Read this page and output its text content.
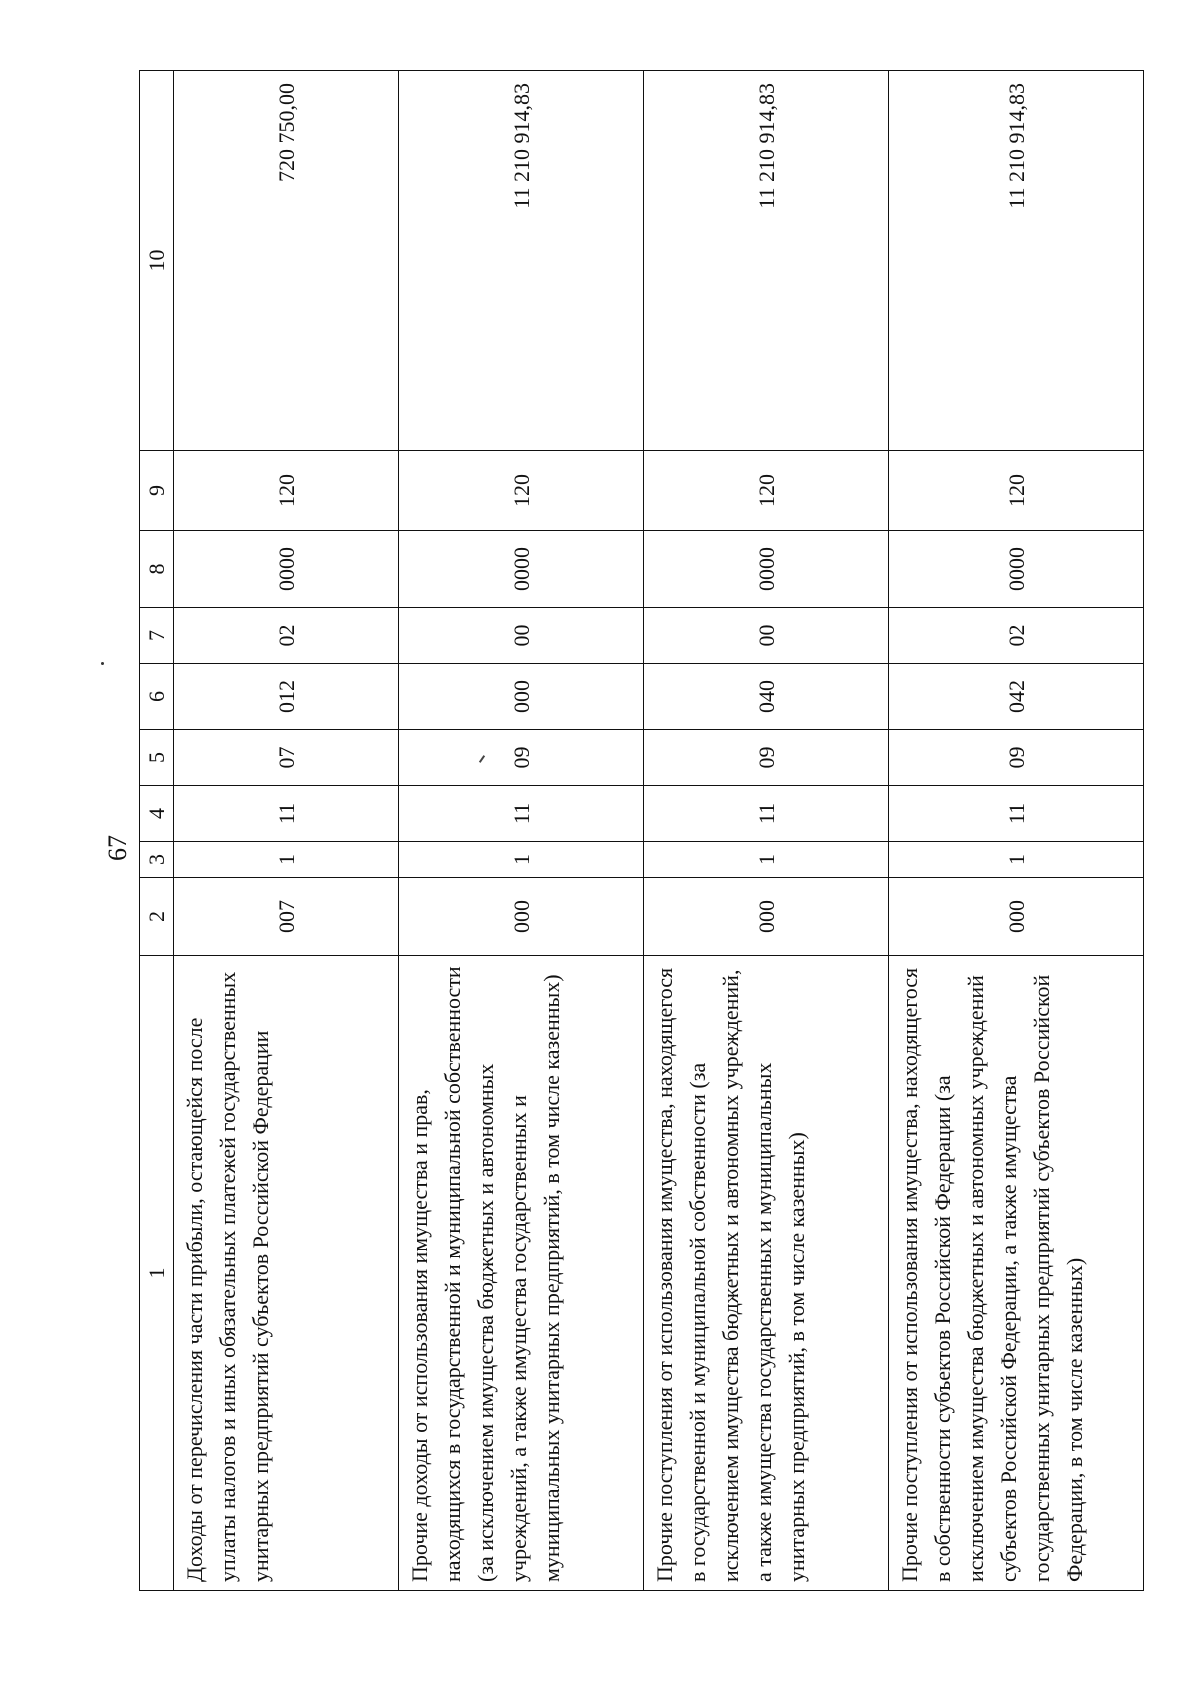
67
1	2	3	4	5	6	7	8	9	10
Доходы от перечисления части прибыли, остающейся после уплаты налогов и иных обязательных платежей государственных унитарных предприятий субъектов Российской Федерации	007	1	11	07	012	02	0000	120	720 750,00
Прочие доходы от использования имущества и прав, находящихся в государственной и муниципальной собственности (за исключением имущества бюджетных и автономных учреждений, а также имущества государственных и муниципальных унитарных предприятий, в том числе казенных)	000	1	11	09	000	00	0000	120	11 210 914,83
Прочие поступления от использования имущества, находящегося в государственной и муниципальной собственности (за исключением имущества бюджетных и автономных учреждений, а также имущества государственных и муниципальных унитарных предприятий, в том числе казенных)	000	1	11	09	040	00	0000	120	11 210 914,83
Прочие поступления от использования имущества, находящегося в собственности субъектов Российской Федерации (за исключением имущества бюджетных и автономных учреждений субъектов Российской Федерации, а также имущества государственных унитарных предприятий субъектов Российской Федерации, в том числе казенных)	000	1	11	09	042	02	0000	120	11 210 914,83
